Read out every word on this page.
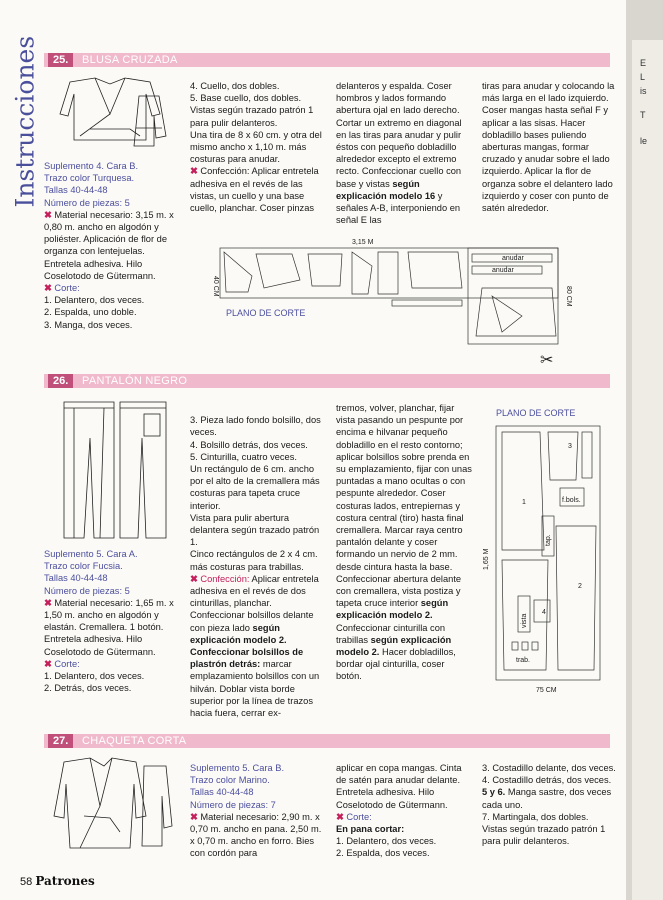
E
L
is
T
le
Instrucciones	25.	BLUSA CRUZADA

Suplemento 4. Cara B.

Trazo color Turquesa.

Tallas 40-44-48

Número de piezas: 5

✖ Material necesario: 3,15 m. x 0,80 m. ancho en algodón y poliéster. Aplicación de flor de organza con lentejuelas. Entretela adhesiva. Hilo Coselotodo de Gütermann.

✖ Corte:

1. Delantero, dos veces.

2. Espalda, uno doble.

3. Manga, dos veces.

4. Cuello, dos dobles.

5. Base cuello, dos dobles.

Vistas según trazado patrón 1 para pulir delanteros.

Una tira de 8 x 60 cm. y otra del mismo ancho x 1,10 m. más costuras para anudar.

✖ Confección: Aplicar entretela adhesiva en el revés de las vistas, un cuello y una base cuello, planchar. Coser pinzas

delanteros y espalda. Coser hombros y lados formando abertura ojal en lado derecho. Cortar un extremo en diagonal en las tiras para anudar y pulir éstos con pequeño dobladillo alrededor excepto el extremo recto. Confeccionar cuello con base y vistas según explicación modelo 16 y señales A-B, interponiendo en señal E las
tiras para anudar y colocando la más larga en el lado izquierdo. Coser mangas hasta señal F y aplicar a las sisas. Hacer dobladillo bases puliendo aberturas mangas, formar cruzado y anudar sobre el lado izquierdo. Aplicar la flor de organza sobre el delantero lado izquierdo y coser con punto de satén alrededor.
3,15 M
40 CM	80 CM
anudar
anudar
PLANO DE CORTE
✂
26.	PANTALÓN NEGRO

Suplemento 5. Cara A.

Trazo color Fucsia.

Tallas 40-44-48

Número de piezas: 5

✖ Material necesario: 1,65 m. x 1,50 m. ancho en algodón y elastán. Cremallera. 1 botón. Entretela adhesiva. Hilo Coselotodo de Gütermann.

✖ Corte:

1. Delantero, dos veces.

2. Detrás, dos veces.

3. Pieza lado fondo bolsillo, dos veces.
4. Bolsillo detrás, dos veces.
5. Cinturilla, cuatro veces.
Un rectángulo de 6 cm. ancho por el alto de la cremallera más costuras para tapeta cruce interior.
Vista para pulir abertura delantera según trazado patrón 1.
Cinco rectángulos de 2 x 4 cm. más costuras para trabillas.
✖ Confección: Aplicar entretela adhesiva en el revés de dos cinturillas, planchar. Confeccionar bolsillos delante con pieza lado según explicación modelo 2. Confeccionar bolsillos de plastrón detrás: marcar emplazamiento bolsillos con un hilván. Doblar vista borde superior por la línea de trazos hacia fuera, cerrar ex-

tremos, volver, planchar, fijar vista pasando un pespunte por encima e hilvanar pequeño dobladillo en el resto contorno; aplicar bolsillos sobre prenda en su emplazamiento, fijar con unas puntadas a mano ocultas o con pespunte alrededor. Coser costuras lados, entrepiernas y costura central (tiro) hasta final cremallera. Marcar raya centro pantalón delante y coser formando un nervio de 2 mm. desde cintura hasta la base. Confeccionar abertura delante con cremallera, vista postiza y tapeta cruce interior según explicación modelo 2. Confeccionar cinturilla con trabillas según explicación modelo 2. Hacer dobladillos, bordar ojal cinturilla, coser botón.
PLANO DE CORTE
3
1
2
4
f.bols.
tap.
vista
trab.
1,65 M
75 CM
27.	CHAQUETA CORTA

Suplemento 5. Cara B.

Trazo color Marino.

Tallas 40-44-48

Número de piezas: 7

✖ Material necesario: 2,90 m. x 0,70 m. ancho en pana. 2,50 m. x 0,70 m. ancho en forro. Bies con cordón para

aplicar en copa mangas. Cinta de satén para anudar delante. Entretela adhesiva. Hilo Coselotodo de Gütermann.

✖ Corte:

En pana cortar:

1. Delantero, dos veces.

2. Espalda, dos veces.

3. Costadillo delante, dos veces.

4. Costadillo detrás, dos veces.

5 y 6. Manga sastre, dos veces cada uno.

7. Martingala, dos dobles.

Vistas según trazado patrón 1 para pulir delanteros.

58 Patrones
